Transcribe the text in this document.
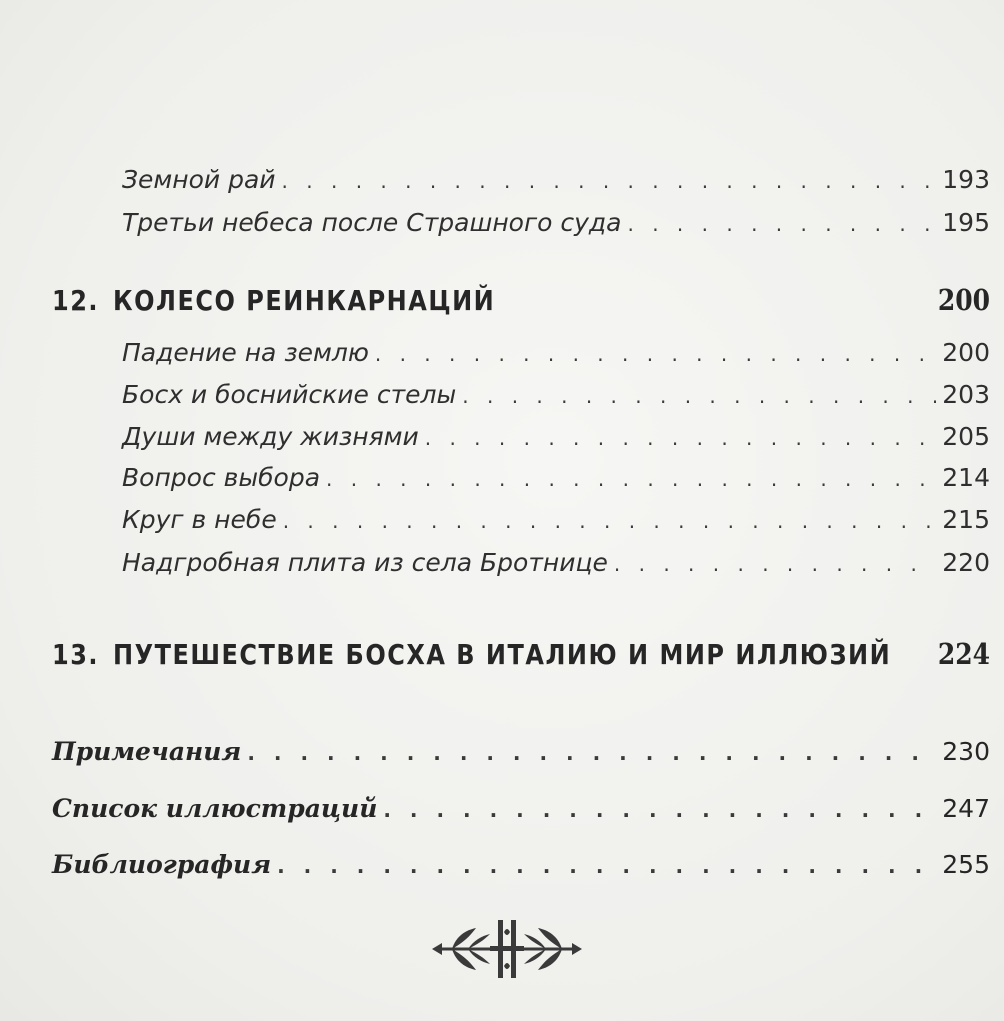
Земной рай . . .	193
Третьи небеса после Страшного суда . . .	195
12. КОЛЕСО РЕИНКАРНАЦИЙ	200
Падение на землю . . .	200
Босх и боснийские стелы . . .	203
Души между жизнями . . .	205
Вопрос выбора . . .	214
Круг в небе . . .	215
Надгробная плита из села Бротнице . . .	220
13. ПУТЕШЕСТВИЕ БОСХА В ИТАЛИЮ И МИР ИЛЛЮЗИЙ 224
Примечания . . .	230
Список иллюстраций . . .	247
Библиография . . .	255
